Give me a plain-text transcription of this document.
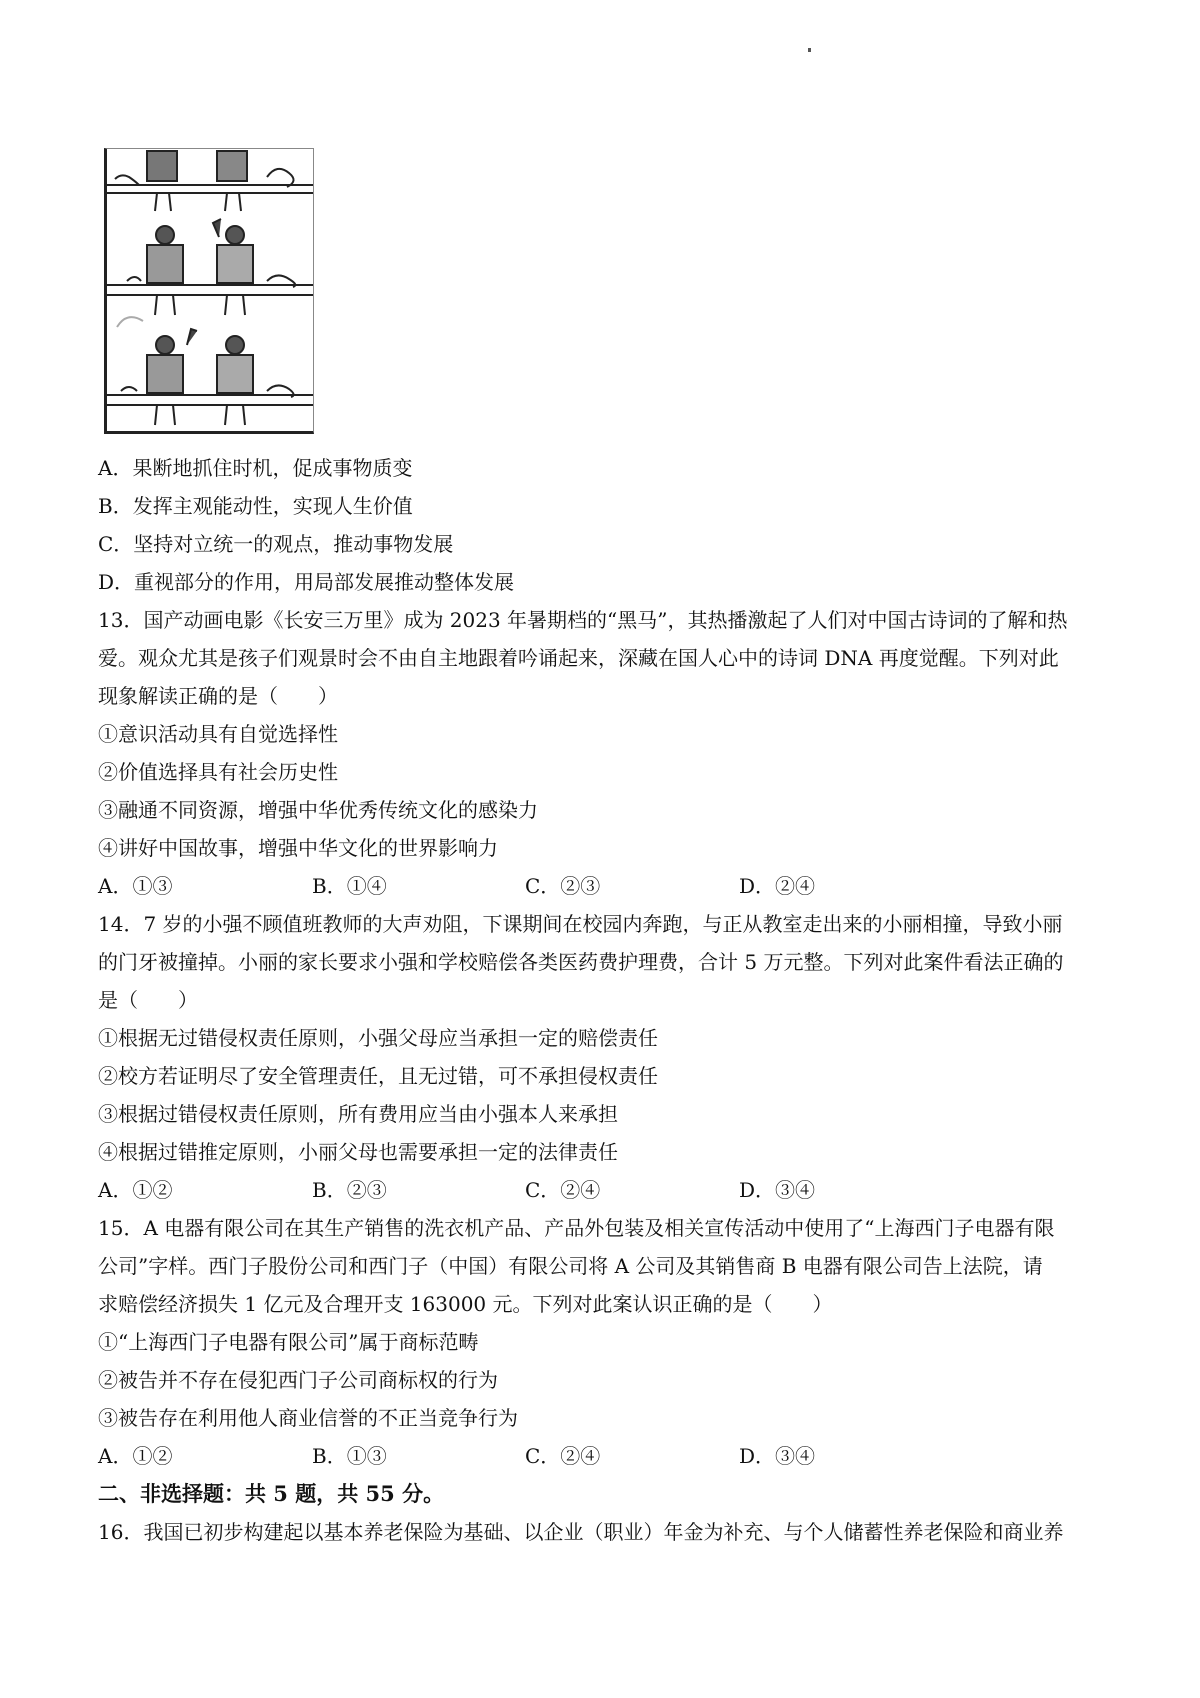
A．果断地抓住时机，促成事物质变
B．发挥主观能动性，实现人生价值
C．坚持对立统一的观点，推动事物发展
D．重视部分的作用，用局部发展推动整体发展
13．国产动画电影《长安三万里》成为 2023 年暑期档的“黑马”，其热播激起了人们对中国古诗词的了解和热
爱。观众尤其是孩子们观景时会不由自主地跟着吟诵起来，深藏在国人心中的诗词 DNA 再度觉醒。下列对此
现象解读正确的是（　　）
①意识活动具有自觉选择性
②价值选择具有社会历史性
③融通不同资源，增强中华优秀传统文化的感染力
④讲好中国故事，增强中华文化的世界影响力
A．①③	B．①④	C．②③	D．②④
14．7 岁的小强不顾值班教师的大声劝阻，下课期间在校园内奔跑，与正从教室走出来的小丽相撞，导致小丽
的门牙被撞掉。小丽的家长要求小强和学校赔偿各类医药费护理费，合计 5 万元整。下列对此案件看法正确的
是（　　）
①根据无过错侵权责任原则，小强父母应当承担一定的赔偿责任
②校方若证明尽了安全管理责任，且无过错，可不承担侵权责任
③根据过错侵权责任原则，所有费用应当由小强本人来承担
④根据过错推定原则，小丽父母也需要承担一定的法律责任
A．①②	B．②③	C．②④	D．③④
15．A 电器有限公司在其生产销售的洗衣机产品、产品外包装及相关宣传活动中使用了“上海西门子电器有限
公司”字样。西门子股份公司和西门子（中国）有限公司将 A 公司及其销售商 B 电器有限公司告上法院，请
求赔偿经济损失 1 亿元及合理开支 163000 元。下列对此案认识正确的是（　　）
①“上海西门子电器有限公司”属于商标范畴
②被告并不存在侵犯西门子公司商标权的行为
③被告存在利用他人商业信誉的不正当竞争行为
A．①②	B．①③	C．②④	D．③④
二、非选择题：共 5 题，共 55 分。
16．我国已初步构建起以基本养老保险为基础、以企业（职业）年金为补充、与个人储蓄性养老保险和商业养
